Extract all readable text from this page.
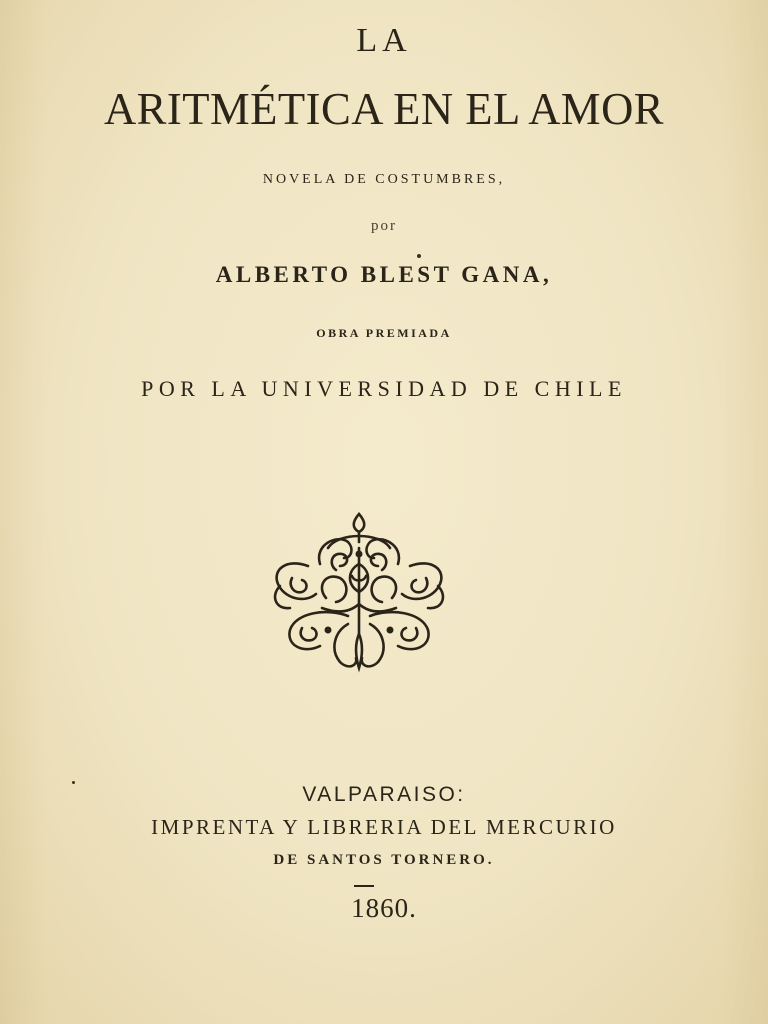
LA
ARITMÉTICA EN EL AMOR
NOVELA DE COSTUMBRES,
por
ALBERTO BLEST GANA,
OBRA PREMIADA
POR LA UNIVERSIDAD DE CHILE
VALPARAISO:
IMPRENTA Y LIBRERIA DEL MERCURIO
DE SANTOS TORNERO.
1860.
